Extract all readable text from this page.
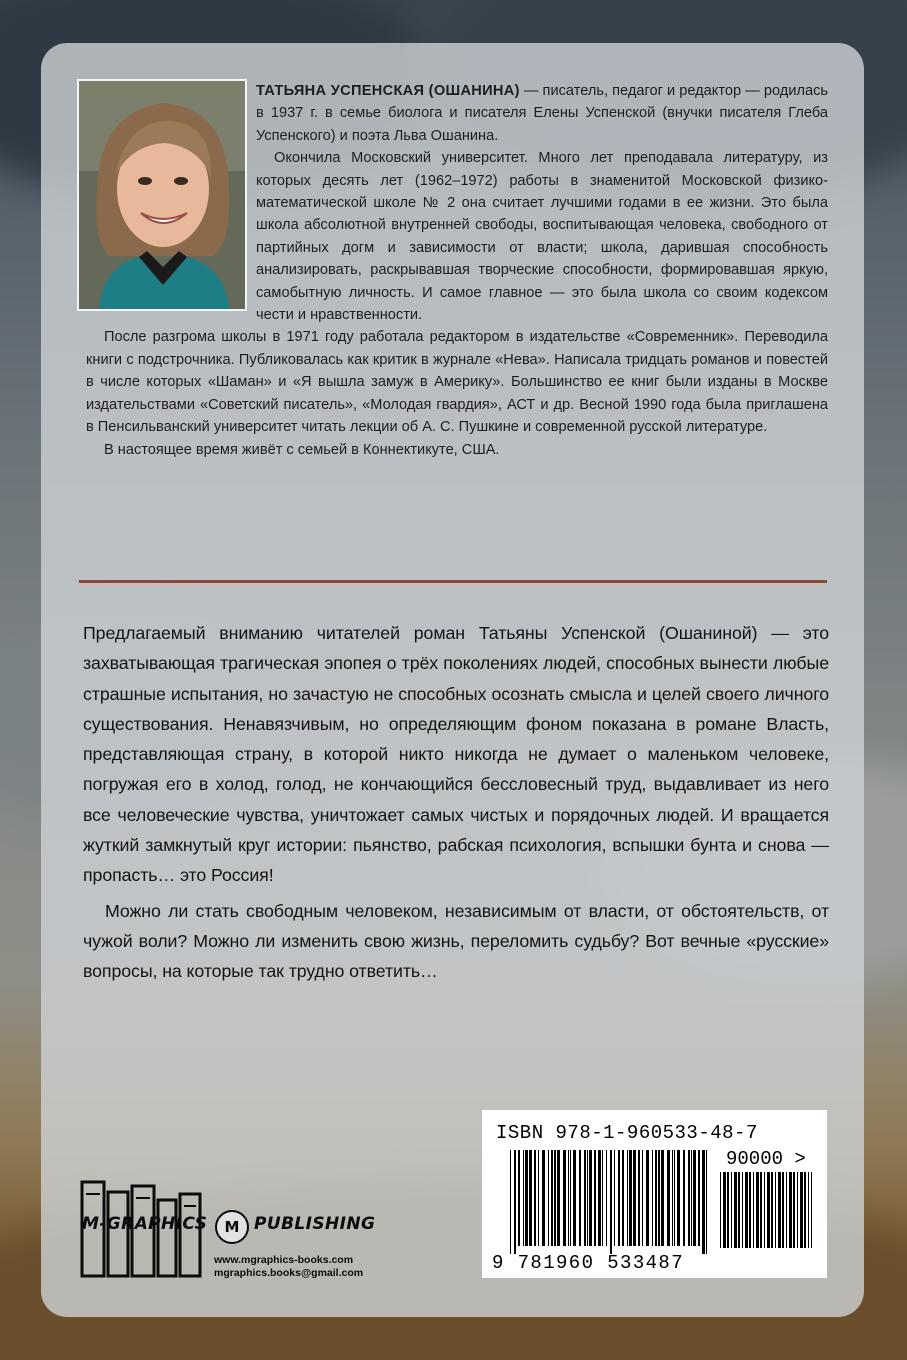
ТАТЬЯНА УСПЕНСКАЯ (ОШАНИНА) — писатель, педагог и редактор — родилась в 1937 г. в семье биолога и писателя Елены Успенской (внучки писателя Глеба Успенского) и поэта Льва Ошанина.

Окончила Московский университет. Много лет преподавала литературу, из которых десять лет (1962–1972) работы в знаменитой Московской физико-математической школе № 2 она считает лучшими годами в ее жизни. Это была школа абсолютной внутренней свободы, воспитывающая человека, свободного от партийных догм и зависимости от власти; школа, дарившая способность анализировать, раскрывавшая творческие способности, формировавшая яркую, самобытную личность. И самое главное — это была школа со своим кодексом чести и нравственности.

После разгрома школы в 1971 году работала редактором в издательстве «Современник». Переводила книги с подстрочника. Публиковалась как критик в журнале «Нева». Написала тридцать романов и повестей в числе которых «Шаман» и «Я вышла замуж в Америку». Большинство ее книг были изданы в Москве издательствами «Советский писатель», «Молодая гвардия», АСТ и др. Весной 1990 года была приглашена в Пенсильванский университет читать лекции об А. С. Пушкине и современной русской литературе.

В настоящее время живёт с семьей в Коннектикуте, США.

Предлагаемый вниманию читателей роман Татьяны Успенской (Ошаниной) — это захватывающая трагическая эпопея о трёх поколениях людей, способных вынести любые страшные испытания, но зачастую не способных осознать смысла и целей своего личного существования. Ненавязчивым, но определяющим фоном показана в романе Власть, представляющая страну, в которой никто никогда не думает о маленьком человеке, погружая его в холод, голод, не кончающийся бессловесный труд, выдавливает из него все человеческие чувства, уничтожает самых чистых и порядочных людей. И вращается жуткий замкнутый круг истории: пьянство, рабская психология, вспышки бунта и снова — пропасть… это Россия!

Можно ли стать свободным человеком, независимым от власти, от обстоятельств, от чужой воли? Можно ли изменить свою жизнь, переломить судьбу? Вот вечные «русские» вопросы, на которые так трудно ответить…

M-GRAPHICS	PUBLISHING
M
www.mgraphics-books.com
mgraphics.books@gmail.com
ISBN 978-1-960533-48-7
90000 >
9 781960 533487
